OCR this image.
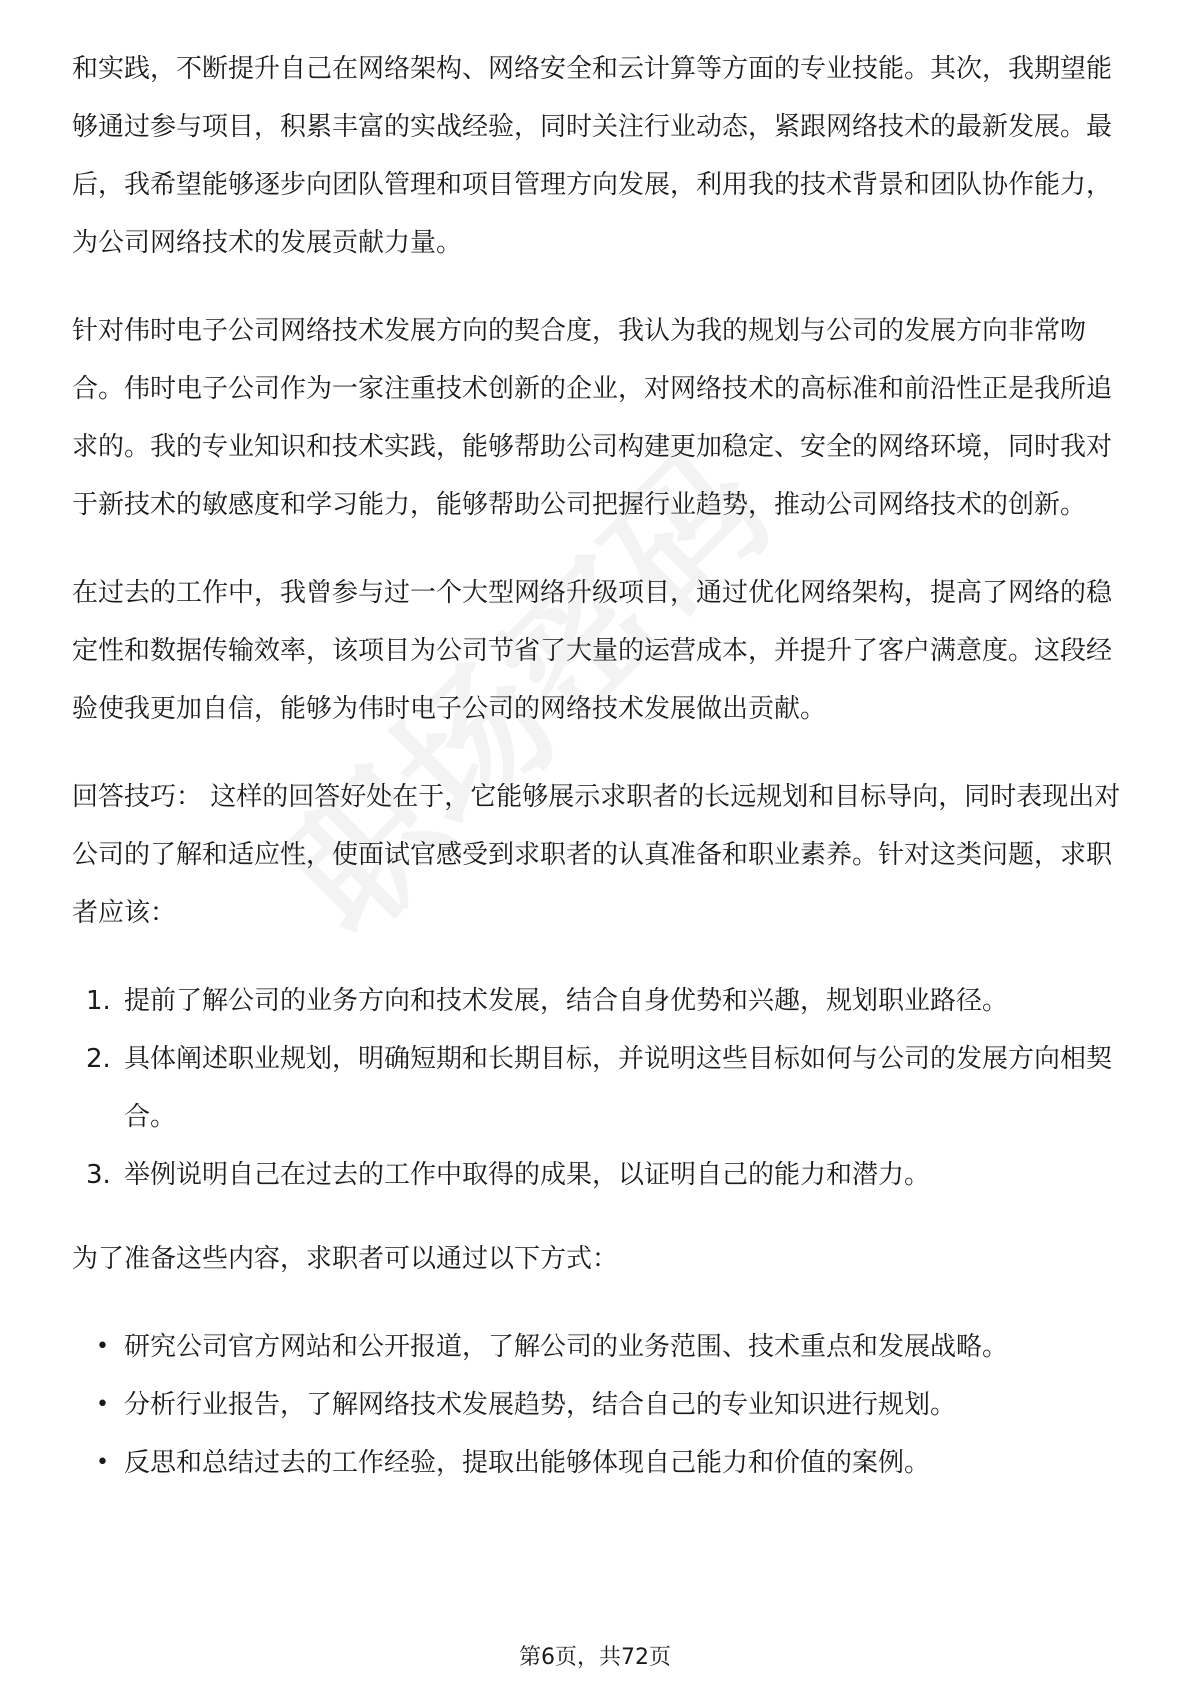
和实践，不断提升自己在网络架构、网络安全和云计算等方面的专业技能。其次，我期望能够通过参与项目，积累丰富的实战经验，同时关注行业动态，紧跟网络技术的最新发展。最后，我希望能够逐步向团队管理和项目管理方向发展，利用我的技术背景和团队协作能力，为公司网络技术的发展贡献力量。

针对伟时电子公司网络技术发展方向的契合度，我认为我的规划与公司的发展方向非常吻合。伟时电子公司作为一家注重技术创新的企业，对网络技术的高标准和前沿性正是我所追求的。我的专业知识和技术实践，能够帮助公司构建更加稳定、安全的网络环境，同时我对于新技术的敏感度和学习能力，能够帮助公司把握行业趋势，推动公司网络技术的创新。

在过去的工作中，我曾参与过一个大型网络升级项目，通过优化网络架构，提高了网络的稳定性和数据传输效率，该项目为公司节省了大量的运营成本，并提升了客户满意度。这段经验使我更加自信，能够为伟时电子公司的网络技术发展做出贡献。

回答技巧： 这样的回答好处在于，它能够展示求职者的长远规划和目标导向，同时表现出对公司的了解和适应性，使面试官感受到求职者的认真准备和职业素养。针对这类问题，求职者应该：

1. 提前了解公司的业务方向和技术发展，结合自身优势和兴趣，规划职业路径。
2. 具体阐述职业规划，明确短期和长期目标，并说明这些目标如何与公司的发展方向相契合。
3. 举例说明自己在过去的工作中取得的成果，以证明自己的能力和潜力。

为了准备这些内容，求职者可以通过以下方式：

• 研究公司官方网站和公开报道，了解公司的业务范围、技术重点和发展战略。
• 分析行业报告，了解网络技术发展趋势，结合自己的专业知识进行规划。
• 反思和总结过去的工作经验，提取出能够体现自己能力和价值的案例。
第6页，共72页
